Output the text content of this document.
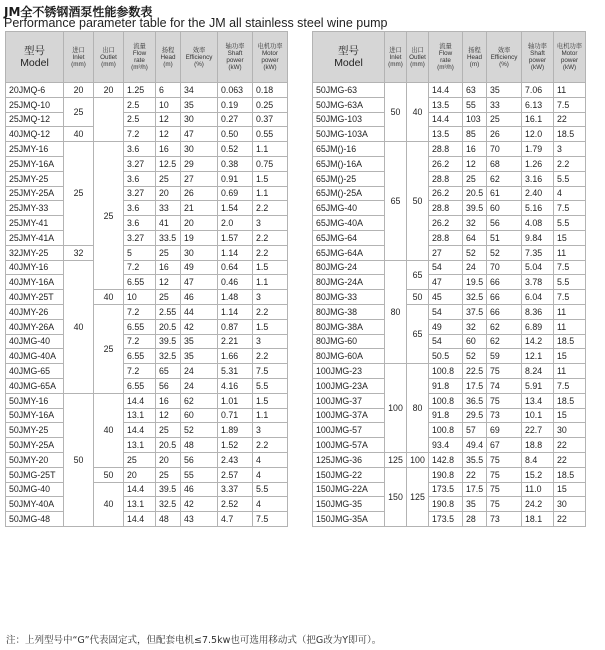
JM全不锈钢酒泵性能参数表
Performance parameter table for the JM all stainless steel wine pump
型号
Model	进口
Inlet
(mm)	出口
Outlet
(mm)	流量
Flow
rate
(m³/h)	扬程
Head
(m)	效率
Efficiency
(%)	轴功率
Shaft
power
(kW)	电机功率
Motor
power
(kW)

20JMQ-6	20	20	1.25	6	34	0.063	0.18
25JMQ-10	25		2.5	10	35	0.19	0.25
25JMQ-12			2.5	12	30	0.27	0.37
40JMQ-12	40		7.2	12	47	0.50	0.55
25JMY-16	25	25	3.6	16	30	0.52	1.1
25JMY-16A			3.27	12.5	29	0.38	0.75
25JMY-25			3.6	25	27	0.91	1.5
25JMY-25A			3.27	20	26	0.69	1.1
25JMY-33			3.6	33	21	1.54	2.2
25JMY-41			3.6	41	20	2.0	3
25JMY-41A			3.27	33.5	19	1.57	2.2
32JMY-25	32		5	25	30	1.14	2.2
40JMY-16	40		7.2	16	49	0.64	1.5
40JMY-16A			6.55	12	47	0.46	1.1
40JMY-25T		40	10	25	46	1.48	3
40JMY-26		25	7.2	2.55	44	1.14	2.2
40JMY-26A			6.55	20.5	42	0.87	1.5
40JMG-40			7.2	39.5	35	2.21	3
40JMG-40A			6.55	32.5	35	1.66	2.2
40JMG-65			7.2	65	24	5.31	7.5
40JMG-65A			6.55	56	24	4.16	5.5
50JMY-16	50	40	14.4	16	62	1.01	1.5
50JMY-16A			13.1	12	60	0.71	1.1
50JMY-25			14.4	25	52	1.89	3
50JMY-25A			13.1	20.5	48	1.52	2.2
50JMY-20			25	20	56	2.43	4
50JMG-25T		50	20	25	55	2.57	4
50JMG-40		40	14.4	39.5	46	3.37	5.5
50JMY-40A			13.1	32.5	42	2.52	4
50JMG-48			14.4	48	43	4.7	7.5
型号
Model	进口
Inlet
(mm)	出口
Outlet
(mm)	流量
Flow
rate
(m³/h)	扬程
Head
(m)	效率
Efficiency
(%)	轴功率
Shaft
power
(kW)	电机功率
Motor
power
(kW)

50JMG-63	50	40	14.4	63	35	7.06	11
50JMG-63A			13.5	55	33	6.13	7.5
50JMG-103			14.4	103	25	16.1	22
50JMG-103A			13.5	85	26	12.0	18.5
65JM()-16	65	50	28.8	16	70	1.79	3
65JM()-16A			26.2	12	68	1.26	2.2
65JM()-25			28.8	25	62	3.16	5.5
65JM()-25A			26.2	20.5	61	2.40	4
65JMG-40			28.8	39.5	60	5.16	7.5
65JMG-40A			26.2	32	56	4.08	5.5
65JMG-64			28.8	64	51	9.84	15
65JMG-64A			27	52	52	7.35	11
80JMG-24	80	65	54	24	70	5.04	7.5
80JMG-24A			47	19.5	66	3.78	5.5
80JMG-33		50	45	32.5	66	6.04	7.5
80JMG-38		65	54	37.5	66	8.36	11
80JMG-38A			49	32	62	6.89	11
80JMG-60			54	60	62	14.2	18.5
80JMG-60A			50.5	52	59	12.1	15
100JMG-23	100	80	100.8	22.5	75	8.24	11
100JMG-23A			91.8	17.5	74	5.91	7.5
100JMG-37			100.8	36.5	75	13.4	18.5
100JMG-37A			91.8	29.5	73	10.1	15
100JMG-57			100.8	57	69	22.7	30
100JMG-57A			93.4	49.4	67	18.8	22
125JMG-36	125	100	142.8	35.5	75	8.4	22
150JMG-22	150	125	190.8	22	75	15.2	18.5
150JMG-22A			173.5	17.5	75	11.0	15
150JMG-35			190.8	35	75	24.2	30
150JMG-35A			173.5	28	73	18.1	22
注：上列型号中“G”代表固定式，但配套电机≤7.5kw也可选用移动式（把G改为Y即可）。
